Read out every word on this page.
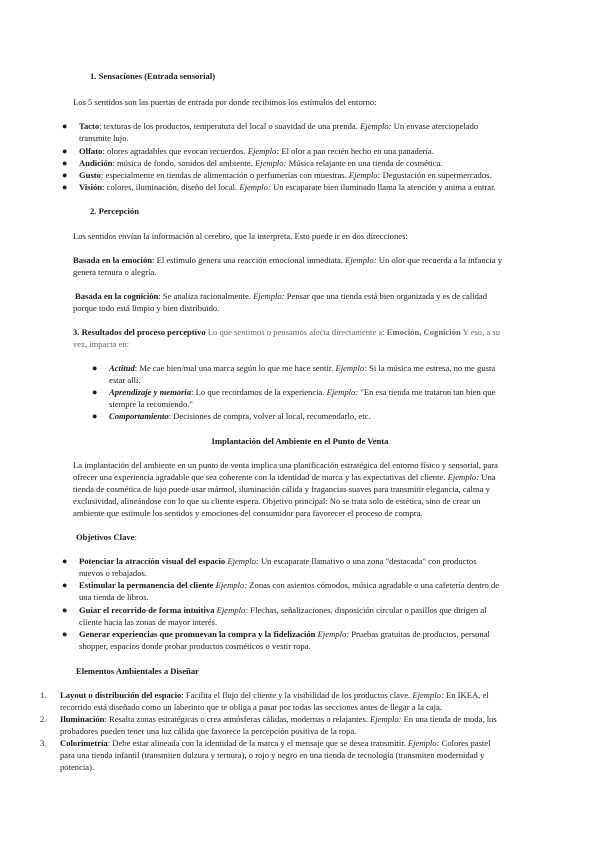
1. Sensaciones (Entrada sensorial)

Los 5 sentidos son las puertas de entrada por donde recibimos los estímulos del entorno:

● Tacto: texturas de los productos, temperatura del local o suavidad de una prenda. Ejemplo: Un envase aterciopelado

transmite lujo.

● Olfato: olores agradables que evocan recuerdos. Ejemplo: El olor a pan recién hecho en una panadería.

● Audición: música de fondo, sonidos del ambiente. Ejemplo: Música relajante en una tienda de cosmética.

● Gusto: especialmente en tiendas de alimentación o perfumerías con muestras. Ejemplo: Degustación en supermercados.

● Visión: colores, iluminación, diseño del local. Ejemplo: Un escaparate bien iluminado llama la atención y anima a entrar.

2. Percepción

Los sentidos envían la información al cerebro, que la interpreta. Esto puede ir en dos direcciones:

Basada en la emoción: El estímulo genera una reacción emocional inmediata. Ejemplo: Un olor que recuerda a la infancia y

genera ternura o alegría.

Basada en la cognición: Se analiza racionalmente. Ejemplo: Pensar que una tienda está bien organizada y es de calidad

porque todo está limpio y bien distribuido.

3. Resultados del proceso perceptivo Lo que sentimos o pensamos afecta directamente a: Emoción, Cognición Y eso, a su

vez, impacta en:

● Actitud: Me cae bien/mal una marca según lo que me hace sentir. Ejemplo: Si la música me estresa, no me gusta

estar allí.

● Aprendizaje y memoria: Lo que recordamos de la experiencia. Ejemplo: "En esa tienda me trataron tan bien que

siempre la recomiendo."

● Comportamiento: Decisiones de compra, volver al local, recomendarlo, etc.

Implantación del Ambiente en el Punto de Venta

La implantación del ambiente en un punto de venta implica una planificación estratégica del entorno físico y sensorial, para

ofrecer una experiencia agradable que sea coherente con la identidad de marca y las expectativas del cliente. Ejemplo: Una

tienda de cosmética de lujo puede usar mármol, iluminación cálida y fragancias suaves para transmitir elegancia, calma y

exclusividad, alineándose con lo que su cliente espera. Objetivo principal: No se trata solo de estética, sino de crear un

ambiente que estimule los sentidos y emociones del consumidor para favorecer el proceso de compra.

Objetivos Clave:

● Potenciar la atracción visual del espacio Ejemplo: Un escaparate llamativo o una zona "destacada" con productos

nuevos o rebajados.

● Estimular la permanencia del cliente Ejemplo: Zonas con asientos cómodos, música agradable o una cafetería dentro de

una tienda de libros.

● Guiar el recorrido de forma intuitiva Ejemplo: Flechas, señalizaciones, disposición circular o pasillos que dirigen al

cliente hacia las zonas de mayor interés.

● Generar experiencias que promuevan la compra y la fidelización Ejemplo: Pruebas gratuitas de productos, personal

shopper, espacios donde probar productos cosméticos o vestir ropa.

Elementos Ambientales a Diseñar

1. Layout o distribución del espacio: Facilita el flujo del cliente y la visibilidad de los productos clave. Ejemplo: En IKEA, el

recorrido está diseñado como un laberinto que te obliga a pasar por todas las secciones antes de llegar a la caja.

2. Iluminación: Resalta zonas estratégicas o crea atmósferas cálidas, modernas o relajantes. Ejemplo: En una tienda de moda, los

probadores pueden tener una luz cálida que favorece la percepción positiva de la ropa.

3. Colorimetría: Debe estar alineada con la identidad de la marca y el mensaje que se desea transmitir. Ejemplo: Colores pastel

para una tienda infantil (transmiten dulzura y ternura), o rojo y negro en una tienda de tecnología (transmiten modernidad y

potencia).
